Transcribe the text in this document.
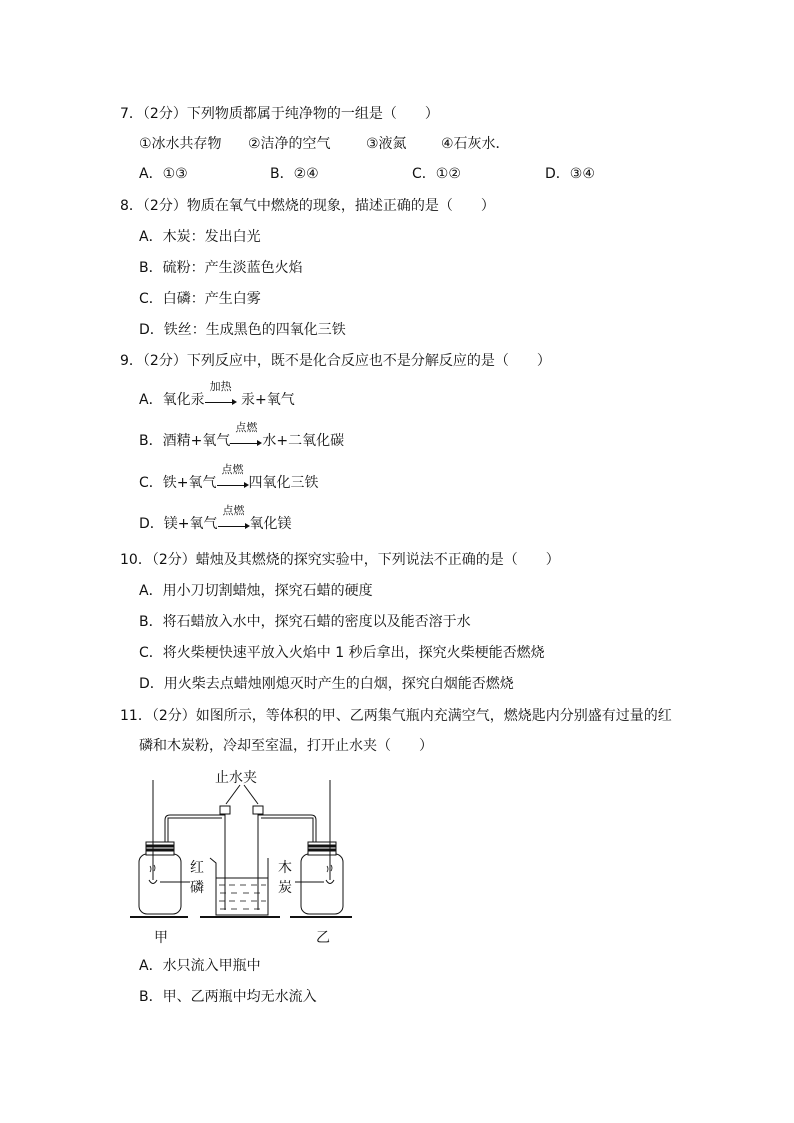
7．（2分）下列物质都属于纯净物的一组是（　　）
①冰水共存物 ②洁净的空气	③液氮 ④石灰水．
A．①③	B．②④	C．①②	D．③④
8．（2分）物质在氧气中燃烧的现象，描述正确的是（　　）
A．木炭：发出白光
B．硫粉：产生淡蓝色火焰
C．白磷：产生白雾
D．铁丝：生成黑色的四氧化三铁
9．（2分）下列反应中，既不是化合反应也不是分解反应的是（　　）
A．氧化汞
加热
汞+氧气
B．酒精+氧气
点燃
水+二氧化碳
C．铁+氧气
点燃
四氧化三铁
D．镁+氧气
点燃
氧化镁
10．（2分）蜡烛及其燃烧的探究实验中，下列说法不正确的是（　　）
A．用小刀切割蜡烛，探究石蜡的硬度
B．将石蜡放入水中，探究石蜡的密度以及能否溶于水
C．将火柴梗快速平放入火焰中 1 秒后拿出，探究火柴梗能否燃烧
D．用火柴去点蜡烛刚熄灭时产生的白烟，探究白烟能否燃烧
11．（2分）如图所示，等体积的甲、乙两集气瓶内充满空气，燃烧匙内分别盛有过量的红
磷和木炭粉，冷却至室温，打开止水夹（　　）
止水夹
红
磷
木
炭
甲	乙
A．水只流入甲瓶中
B．甲、乙两瓶中均无水流入
